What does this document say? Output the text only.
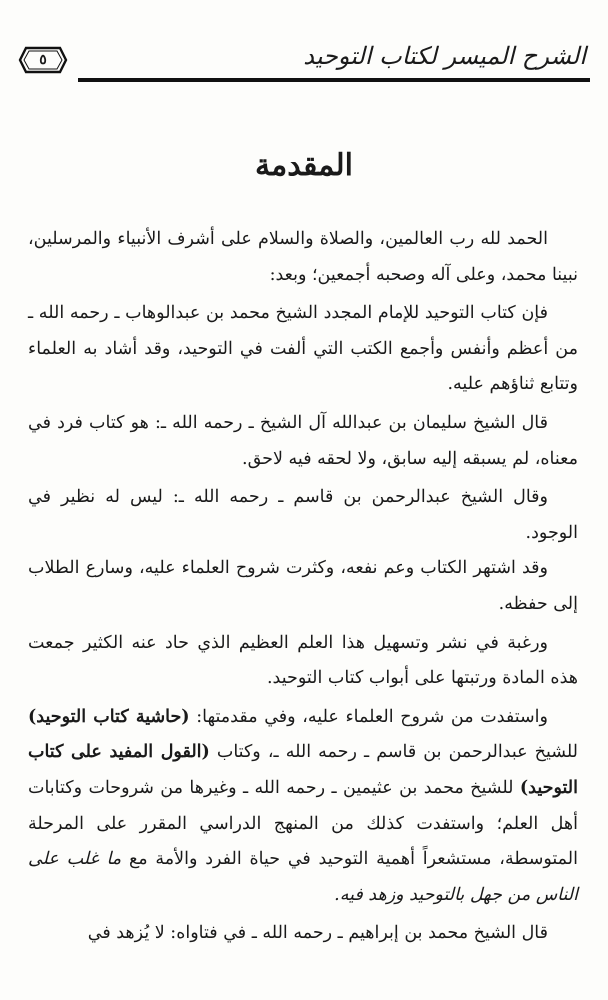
٥	الشرح الميسر لكتاب التوحيد
المقدمة

الحمد لله رب العالمين، والصلاة والسلام على أشرف الأنبياء والمرسلين، نبينا محمد، وعلى آله وصحبه أجمعين؛ وبعد:

فإن كتاب التوحيد للإمام المجدد الشيخ محمد بن عبدالوهاب ـ رحمه الله ـ من أعظم وأنفس وأجمع الكتب التي ألفت في التوحيد، وقد أشاد به العلماء وتتابع ثناؤهم عليه.

قال الشيخ سليمان بن عبدالله آل الشيخ ـ رحمه الله ـ: هو كتاب فرد في معناه، لم يسبقه إليه سابق، ولا لحقه فيه لاحق.

وقال الشيخ عبدالرحمن بن قاسم ـ رحمه الله ـ: ليس له نظير في الوجود.

وقد اشتهر الكتاب وعم نفعه، وكثرت شروح العلماء عليه، وسارع الطلاب إلى حفظه.

ورغبة في نشر وتسهيل هذا العلم العظيم الذي حاد عنه الكثير جمعت هذه المادة ورتبتها على أبواب كتاب التوحيد.

واستفدت من شروح العلماء عليه، وفي مقدمتها: (حاشية كتاب التوحيد) للشيخ عبدالرحمن بن قاسم ـ رحمه الله ـ، وكتاب (القول المفيد على كتاب التوحيد) للشيخ محمد بن عثيمين ـ رحمه الله ـ وغيرها من شروحات وكتابات أهل العلم؛ واستفدت كذلك من المنهج الدراسي المقرر على المرحلة المتوسطة، مستشعراً أهمية التوحيد في حياة الفرد والأمة مع ما غلب على الناس من جهل بالتوحيد وزهد فيه.

قال الشيخ محمد بن إبراهيم ـ رحمه الله ـ في فتاواه: لا يُزهد في
